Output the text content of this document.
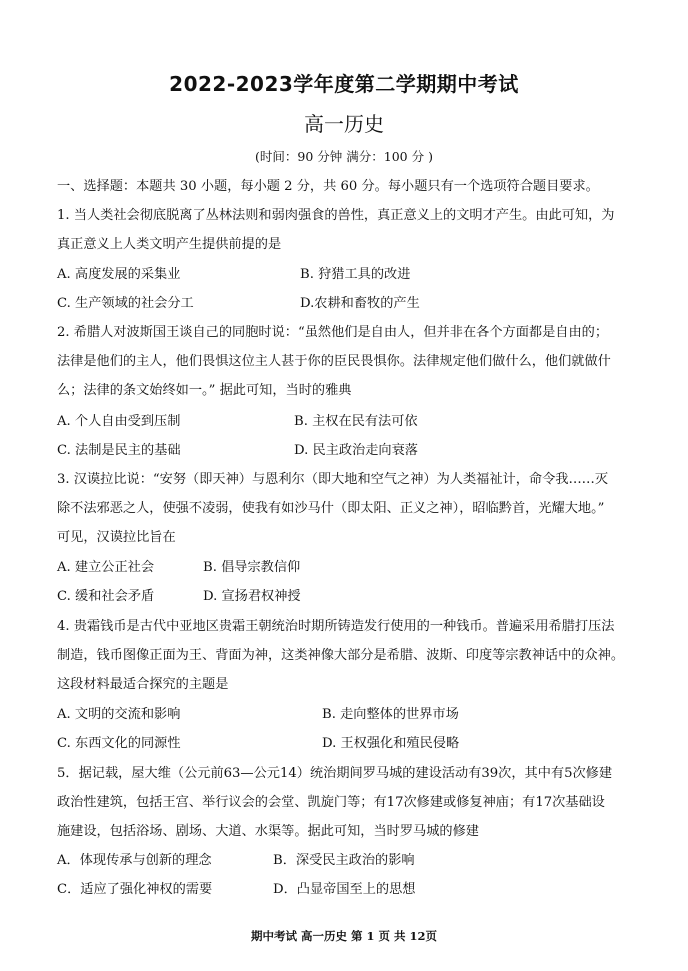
2022-2023学年度第二学期期中考试
高一历史
(时间：90 分钟 满分：100 分 )
一、选择题：本题共 30 小题，每小题 2 分，共 60 分。每小题只有一个选项符合题目要求。
1. 当人类社会彻底脱离了丛林法则和弱肉强食的兽性，真正意义上的文明才产生。由此可知，为
真正意义上人类文明产生提供前提的是
A. 高度发展的采集业	B. 狩猎工具的改进
C. 生产领域的社会分工	D.农耕和畜牧的产生
2. 希腊人对波斯国王谈自己的同胞时说：“虽然他们是自由人，但并非在各个方面都是自由的；
法律是他们的主人，他们畏惧这位主人甚于你的臣民畏惧你。法律规定他们做什么，他们就做什
么；法律的条文始终如一。” 据此可知，当时的雅典
A. 个人自由受到压制	B. 主权在民有法可依
C. 法制是民主的基础	D. 民主政治走向衰落
3. 汉谟拉比说：“安努（即天神）与恩利尔（即大地和空气之神）为人类福祉计，命令我……灭
除不法邪恶之人，使强不凌弱，使我有如沙马什（即太阳、正义之神），昭临黔首，光耀大地。”
可见，汉谟拉比旨在
A. 建立公正社会	B. 倡导宗教信仰
C. 缓和社会矛盾	D. 宣扬君权神授
4. 贵霜钱币是古代中亚地区贵霜王朝统治时期所铸造发行使用的一种钱币。普遍采用希腊打压法
制造，钱币图像正面为王、背面为神，这类神像大部分是希腊、波斯、印度等宗教神话中的众神。
这段材料最适合探究的主题是
A. 文明的交流和影响	B. 走向整体的世界市场
C. 东西文化的同源性	D. 王权强化和殖民侵略
5．据记载，屋大维（公元前63—公元14）统治期间罗马城的建设活动有39次，其中有5次修建
政治性建筑，包括王宫、举行议会的会堂、凯旋门等；有17次修建或修复神庙；有17次基础设
施建设，包括浴场、剧场、大道、水渠等。据此可知，当时罗马城的修建
A．体现传承与创新的理念	B．深受民主政治的影响
C．适应了强化神权的需要	D．凸显帝国至上的思想
期中考试 高一历史 第 1 页 共 12页
